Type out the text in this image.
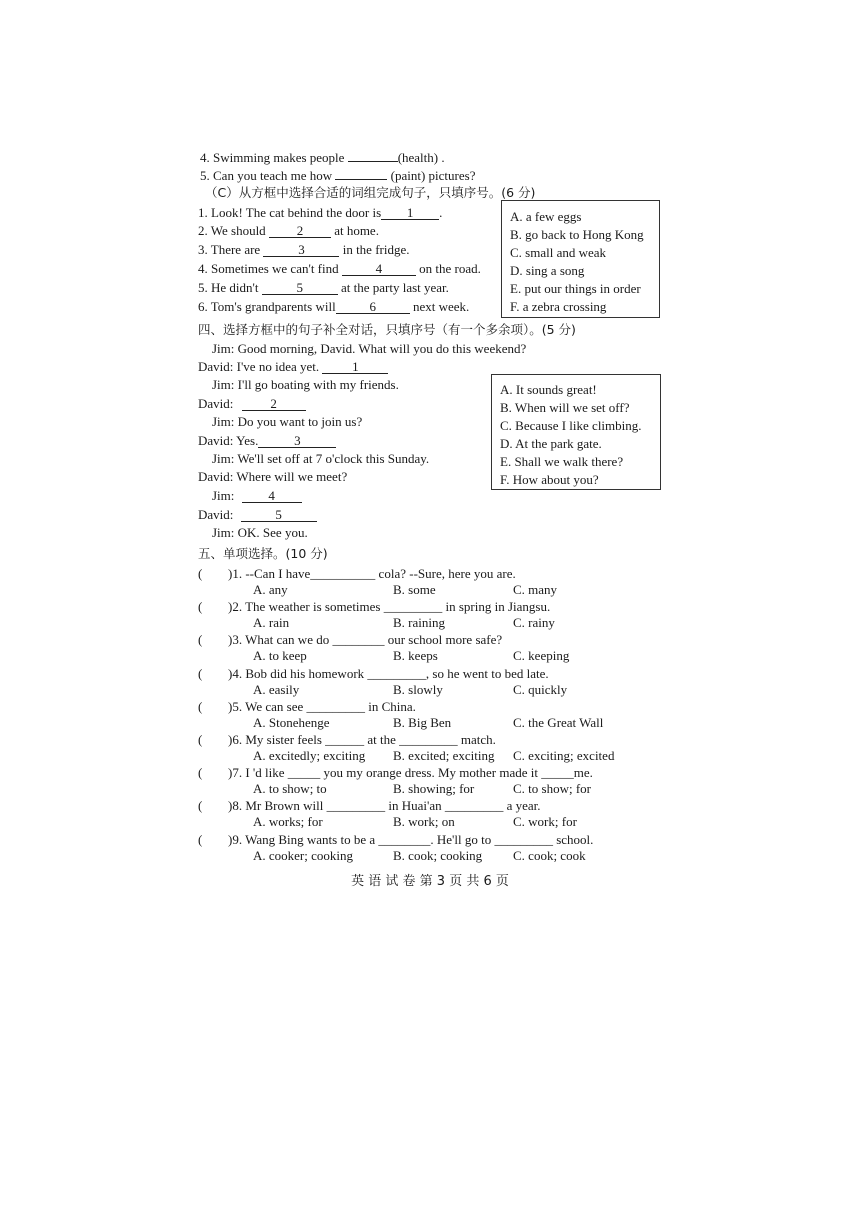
4. Swimming makes people	(health) .
5. Can you teach me how	(paint) pictures?
（C）从方框中选择合适的词组完成句子，只填序号。(6 分)
1. Look! The cat behind the door is 1 .
2. We should 2 at home.
3. There are	3	in the fridge.
4. Sometimes we can't find	4	on the road.
5. He didn't	5	at the party last year.
6. Tom's grandparents will	6	next week.
A. a few eggs
B. go back to Hong Kong
C. small and weak
D. sing a song
E. put our things in order
F. a zebra crossing
四、选择方框中的句子补全对话，只填序号（有一个多余项）。(5 分)
Jim: Good morning, David. What will you do this weekend?
David: I've no idea yet. 1
Jim: I'll go boating with my friends.
David:	2
Jim: Do you want to join us?
David: Yes.	3
Jim: We'll set off at 7 o'clock this Sunday.
David: Where will we meet?
Jim: 4
David:	5
Jim: OK. See you.
A. It sounds great!
B. When will we set off?
C. Because I like climbing.
D. At the park gate.
E. Shall we walk there?
F. How about you?
五、单项选择。(10 分)
( )1. --Can I have__________ cola? --Sure, here you are.
A. any	B. some	C. many
( )2. The weather is sometimes _________ in spring in Jiangsu.
A. rain	B. raining	C. rainy
( )3. What can we do ________ our school more safe?
A. to keep	B. keeps	C. keeping
( )4. Bob did his homework _________, so he went to bed late.
A. easily	B. slowly	C. quickly
( )5. We can see _________ in China.
A. Stonehenge	B. Big Ben	C. the Great Wall
( )6. My sister feels ______ at the _________ match.
A. excitedly; exciting B. excited; exciting C. exciting; excited
( )7. I 'd like _____ you my orange dress. My mother made it _____me.
A. to show; to	B. showing; for	C. to show; for
( )8. Mr Brown will _________ in Huai'an _________ a year.
A. works; for	B. work; on	C. work; for
( )9. Wang Bing wants to be a ________. He'll go to _________ school.
A. cooker; cooking	B. cook; cooking C. cook; cook
英 语 试 卷 第 3 页 共 6 页
